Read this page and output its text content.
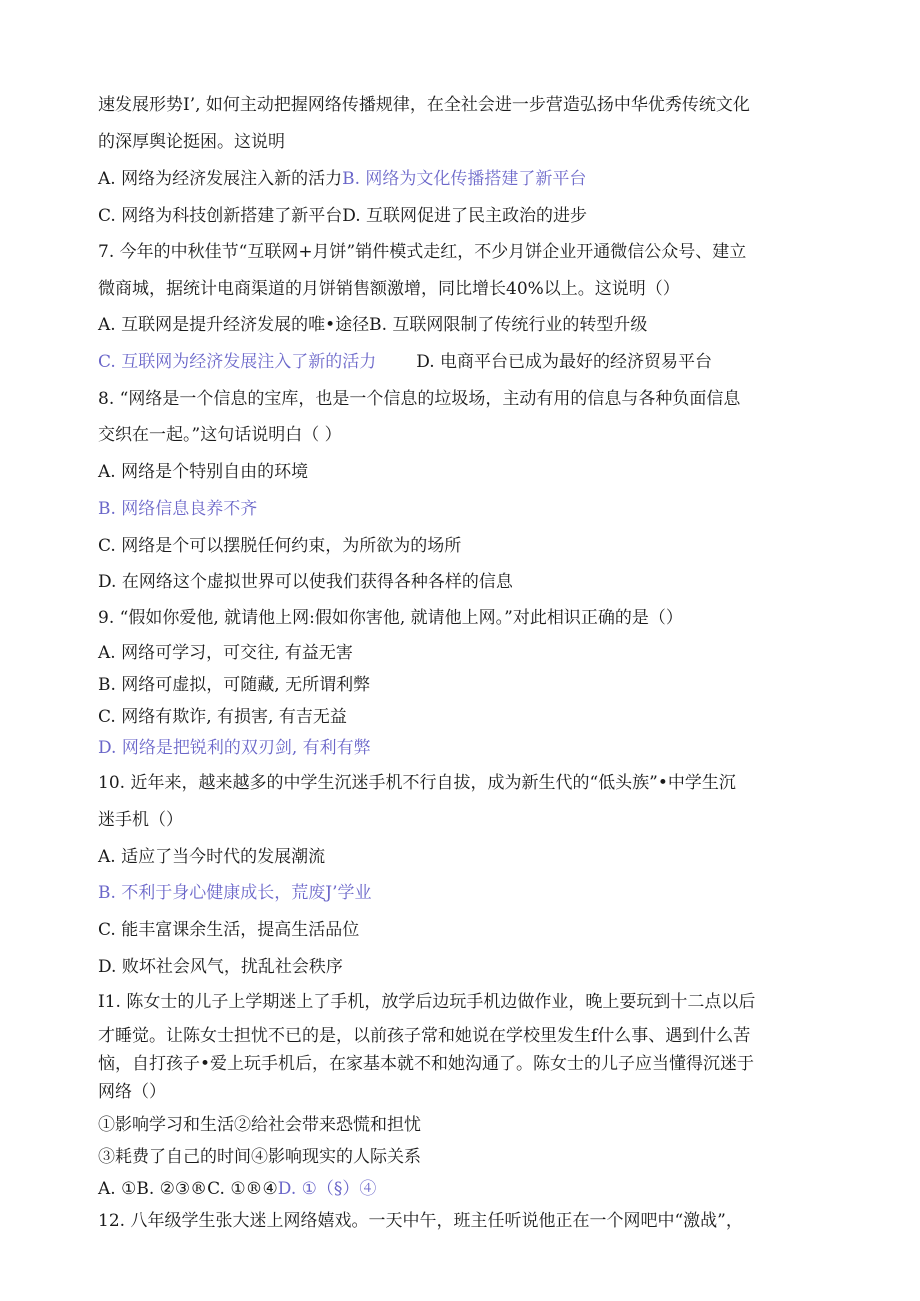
速发展形势I’, 如何主动把握网络传播规律，在全社会进一步营造弘扬中华优秀传统文化
的深厚舆论挺困。这说明
A. 网络为经济发展注入新的活力B. 网络为文化传播搭建了新平台
C. 网络为科技创新搭建了新平台D. 互联网促进了民主政治的进步
7. 今年的中秋佳节“互联网+月饼”销件模式走红，不少月饼企业开通微信公众号、建立
微商城，据统计电商渠道的月饼销售额激增，同比增长40%以上。这说明（）
A. 互联网是提升经济发展的唯•途径B. 互联网限制了传统行业的转型升级
C. 互联网为经济发展注入了新的活力 D. 电商平台已成为最好的经济贸易平台
8. “网络是一个信息的宝库，也是一个信息的垃圾场，主动有用的信息与各种负面信息
交织在一起。”这句话说明白（ ）
A. 网络是个特别自由的环境
B. 网络信息良养不齐
C. 网络是个可以摆脱任何约束，为所欲为的场所
D. 在网络这个虚拟世界可以使我们获得各种各样的信息
9. “假如你爱他, 就请他上网:假如你害他, 就请他上网。”对此相识正确的是（）
A. 网络可学习，可交往, 有益无害
B. 网络可虚拟，可随藏, 无所谓利弊
C. 网络有欺诈, 有损害, 有吉无益
D. 网络是把锐利的双刃剑, 有利有弊
10. 近年来，越来越多的中学生沉迷手机不行自拔，成为新生代的“低头族”•中学生沉
迷手机（）
A. 适应了当今时代的发展潮流
B. 不利于身心健康成长，荒废J’学业
C. 能丰富课余生活，提高生活品位
D. 败坏社会风气，扰乱社会秩序
I1. 陈女士的儿子上学期迷上了手机，放学后边玩手机边做作业，晚上要玩到十二点以后
才睡觉。让陈女士担忧不已的是，以前孩子常和她说在学校里发生f什么事、遇到什么苦
恼，自打孩子•爱上玩手机后，在家基本就不和她沟通了。陈女士的儿子应当懂得沉迷于
网络（）
①影响学习和生活②给社会带来恐慌和担忧
③耗费了自己的时间④影响现实的人际关系
A. ①B. ②③®C. ①®④D. ①（§）④
12. 八年级学生张大迷上网络嬉戏。一天中午，班主任听说他正在一个网吧中“激战”，
